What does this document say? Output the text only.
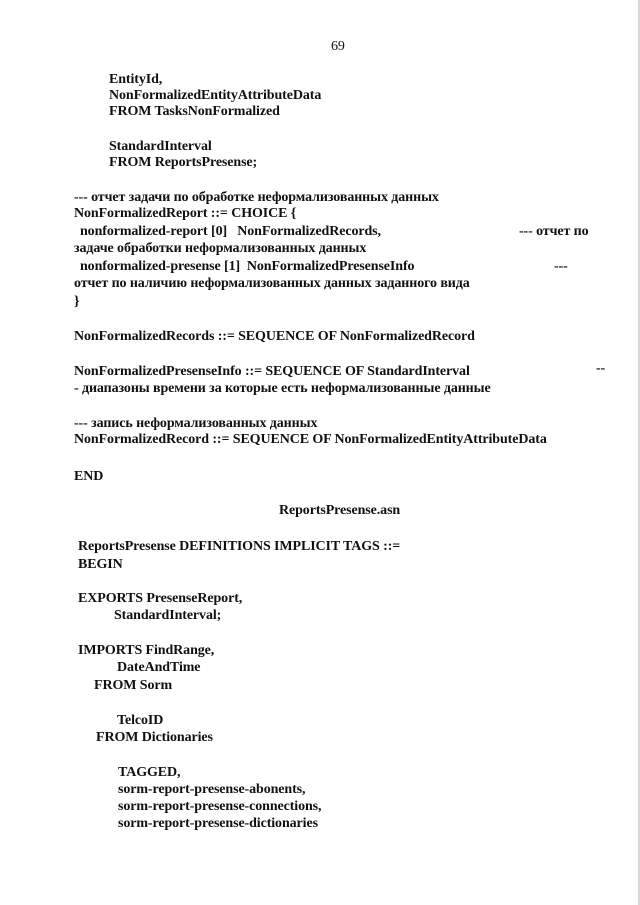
69
EntityId,
NonFormalizedEntityAttributeData
FROM TasksNonFormalized
StandardInterval
FROM ReportsPresense;
--- отчет задачи по обработке неформализованных данных
NonFormalizedReport ::= CHOICE {
nonformalized-report [0]   NonFormalizedRecords,	--- отчет по
задаче обработки неформализованных данных
nonformalized-presense [1]  NonFormalizedPresenseInfo	---
отчет по наличию неформализованных данных заданного вида
}
NonFormalizedRecords ::= SEQUENCE OF NonFormalizedRecord
NonFormalizedPresenseInfo ::= SEQUENCE OF StandardInterval	--
- диапазоны времени за которые есть неформализованные данные
--- запись неформализованных данных
NonFormalizedRecord ::= SEQUENCE OF NonFormalizedEntityAttributeData
END
ReportsPresense.asn
ReportsPresense DEFINITIONS IMPLICIT TAGS ::=
BEGIN
EXPORTS PresenseReport,
StandardInterval;
IMPORTS FindRange,
DateAndTime
FROM Sorm
TelcoID
FROM Dictionaries
TAGGED,
sorm-report-presense-abonents,
sorm-report-presense-connections,
sorm-report-presense-dictionaries
